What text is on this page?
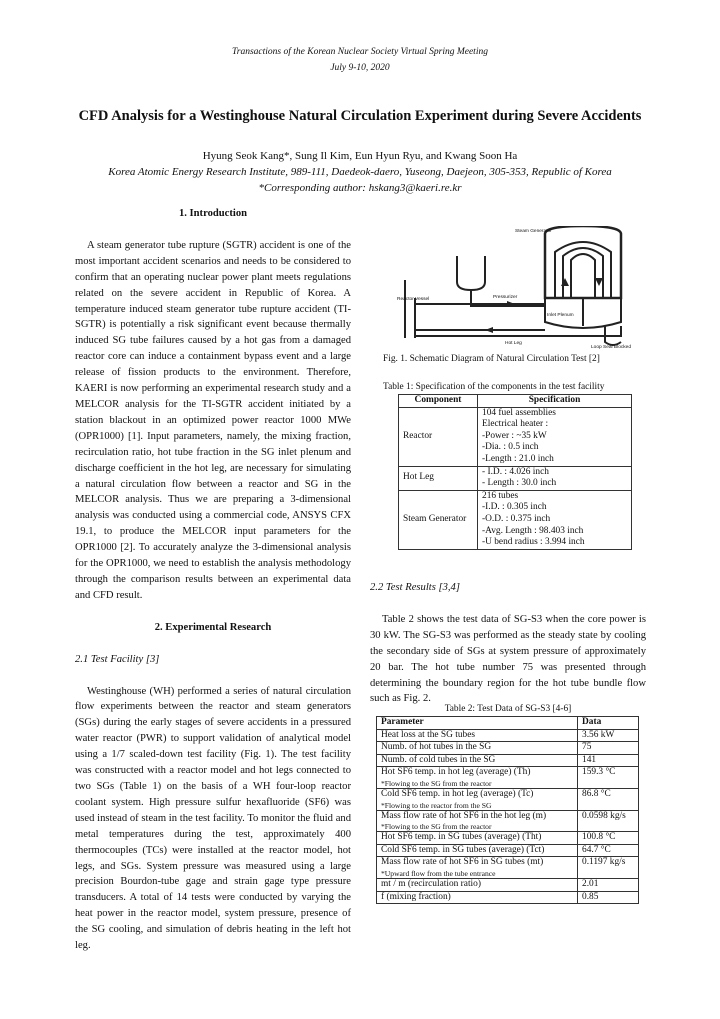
Transactions of the Korean Nuclear Society Virtual Spring Meeting
July 9-10, 2020
CFD Analysis for a Westinghouse Natural Circulation Experiment during Severe Accidents
Hyung Seok Kang*, Sung Il Kim, Eun Hyun Ryu, and Kwang Soon Ha
Korea Atomic Energy Research Institute, 989-111, Daedeok-daero, Yuseong, Daejeon, 305-353, Republic of Korea
*Corresponding author: hskang3@kaeri.re.kr

1. Introduction

A steam generator tube rupture (SGTR) accident is one of the most important accident scenarios and needs to be considered to confirm that an operating nuclear power plant meets regulations related on the severe accident in Republic of Korea. A temperature induced steam generator tube rupture accident (TI-SGTR) is potentially a risk significant event because thermally induced SG tube failures caused by a hot gas from a damaged reactor core can induce a containment bypass event and a large release of fission products to the environment. Therefore, KAERI is now performing an experimental research study and a MELCOR analysis for the TI-SGTR accident initiated by a station blackout in an optimized power reactor 1000 MWe (OPR1000) [1]. Input parameters, namely, the mixing fraction, recirculation ratio, hot tube fraction in the SG inlet plenum and discharge coefficient in the hot leg, are necessary for simulating a natural circulation flow between a reactor and SG in the MELCOR analysis. Thus we are preparing a 3-dimensional analysis was conducted using a commercial code, ANSYS CFX 19.1, to produce the MELCOR input parameters for the OPR1000 [2]. To accurately analyze the 3-dimensional analysis for the OPR1000, we need to establish the analysis methodology through the comparison results between an experimental data and CFD result.

2. Experimental Research

2.1 Test Facility [3]

Westinghouse (WH) performed a series of natural circulation flow experiments between the reactor and steam generators (SGs) during the early stages of severe accidents in a pressured water reactor (PWR) to support validation of analytical model using a 1/7 scaled-down test facility (Fig. 1). The test facility was constructed with a reactor model and hot legs connected to two SGs (Table 1) on the basis of a WH four-loop reactor coolant system. High pressure sulfur hexafluoride (SF6) was used instead of steam in the test facility. To monitor the fluid and metal temperatures during the test, approximately 400 thermocouples (TCs) were installed at the reactor model, hot legs, and SGs. System pressure was measured using a large precision Bourdon-tube gage and strain gage type pressure transducers. A total of 14 tests were conducted by varying the heat power in the reactor model, system pressure, presence of the SG cooling, and simulation of debris heating in the left hot leg.

Steam Generator
Pressurizer
Reactor Vessel
Inlet Plenum
Hot Leg
Loop Seal Blocked
Fig. 1. Schematic Diagram of Natural Circulation Test [2]
Table 1: Specification of the components in the test facility
Component	Specification
Reactor	104 fuel assemblies
Electrical heater :
-Power : ~35 kW
-Dia. : 0.5 inch
-Length : 21.0 inch

Hot Leg	- I.D. : 4.026 inch
- Length : 30.0 inch

Steam Generator	216 tubes
-I.D. : 0.305 inch
-O.D. : 0.375 inch
-Avg. Length : 98.403 inch
-U bend radius : 3.994 inch

2.2 Test Results [3,4]

Table 2 shows the test data of SG-S3 when the core power is 30 kW. The SG-S3 was performed as the steady state by cooling the secondary side of SGs at system pressure of approximately 20 bar. The hot tube number 75 was presented through determining the boundary region for the hot tube bundle flow such as Fig. 2.

Table 2: Test Data of SG-S3 [4-6]
Parameter	Data
Heat loss at the SG tubes	3.56 kW
Numb. of hot tubes in the SG	75
Numb. of cold tubes in the SG	141
Hot SF6 temp. in hot leg (average) (Th)
*Flowing to the SG from the reactor	159.3 °C
Cold SF6 temp. in hot leg (average) (Tc)
*Flowing to the reactor from the SG	86.8 °C
Mass flow rate of hot SF6 in the hot leg (m)
*Flowing to the SG from the reactor	0.0598 kg/s
Hot SF6 temp. in SG tubes (average) (Tht)	100.8 °C
Cold SF6 temp. in SG tubes (average) (Tct)	64.7 °C
Mass flow rate of hot SF6 in SG tubes (mt)
*Upward flow from the tube entrance	0.1197 kg/s
mt / m (recirculation ratio)	2.01
f (mixing fraction)	0.85
